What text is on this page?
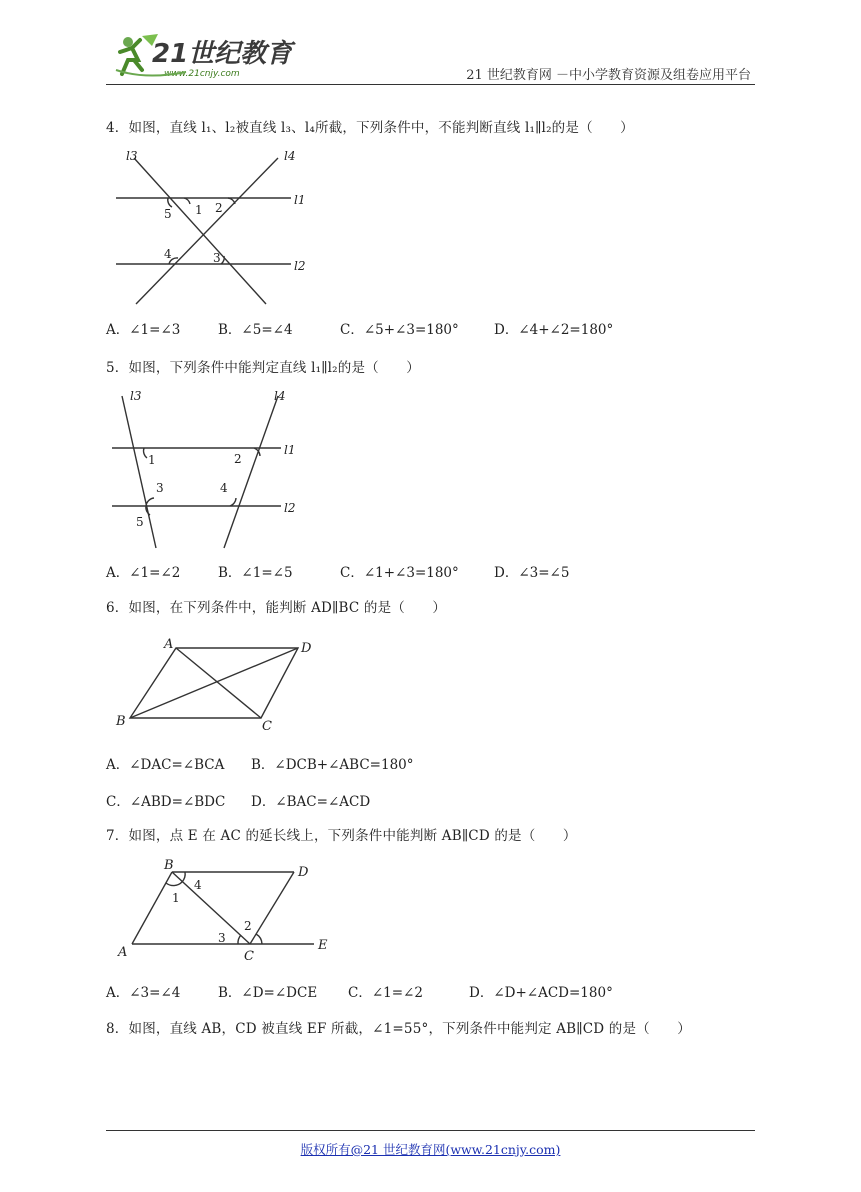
21世纪教育
www.21cnjy.com	21 世纪教育网 －中小学教育资源及组卷应用平台
4．如图，直线 l₁、l₂被直线 l₃、l₄所截，下列条件中，不能判断直线 l₁∥l₂的是（　　）
l3	l4
l1
l2
1 2
3
4
5
A．∠1=∠3	B．∠5=∠4	C．∠5+∠3=180°	D．∠4+∠2=180°
5．如图，下列条件中能判定直线 l₁∥l₂的是（　　）
l3	l4
l1
l2
1	2
3	4
5
A．∠1=∠2	B．∠1=∠5	C．∠1+∠3=180°	D．∠3=∠5
6．如图，在下列条件中，能判断 AD∥BC 的是（　　）
A	D
B	C
A．∠DAC=∠BCA B．∠DCB+∠ABC=180°
C．∠ABD=∠BDC D．∠BAC=∠ACD
7．如图，点 E 在 AC 的延长线上，下列条件中能判断 AB∥CD 的是（　　）
B	D
A	C
E
1
4
2
3
A．∠3=∠4	B．∠D=∠DCE C．∠1=∠2	D．∠D+∠ACD=180°
8．如图，直线 AB，CD 被直线 EF 所截，∠1=55°，下列条件中能判定 AB∥CD 的是（　　）
版权所有@21 世纪教育网(www.21cnjy.com)
